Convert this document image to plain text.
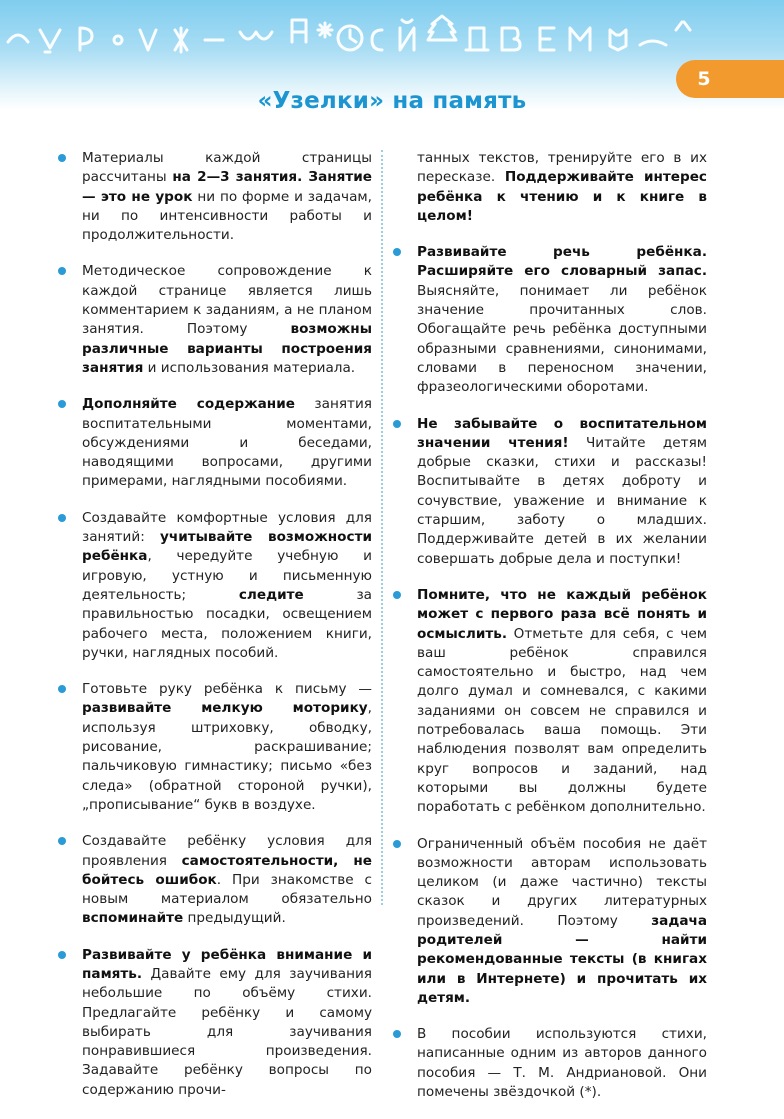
5
«Узелки» на память
Материалы каждой страницы рассчитаны на 2—3 занятия. Занятие — это не урок ни по форме и задачам, ни по интенсивности работы и продолжительности.
Методическое сопровождение к каждой странице является лишь комментарием к заданиям, а не планом занятия. Поэтому возможны различные варианты построения занятия и использования материала.
Дополняйте содержание занятия воспитательными моментами, обсуждениями и беседами, наводящими вопросами, другими примерами, наглядными пособиями.
Создавайте комфортные условия для занятий: учитывайте возможности ребёнка, чередуйте учебную и игровую, устную и письменную деятельность; следите за правильностью посадки, освещением рабочего места, положением книги, ручки, наглядных пособий.
Готовьте руку ребёнка к письму — развивайте мелкую моторику, используя штриховку, обводку, рисование, раскрашивание; пальчиковую гимнастику; письмо «без следа» (обратной стороной ручки), „прописывание“ букв в воздухе.
Создавайте ребёнку условия для проявления самостоятельности, не бойтесь ошибок. При знакомстве с новым материалом обязательно вспоминайте предыдущий.
Развивайте у ребёнка внимание и память. Давайте ему для заучивания небольшие по объёму стихи. Предлагайте ребёнку и самому выбирать для заучивания понравившиеся произведения. Задавайте ребёнку вопросы по содержанию прочи-
танных текстов, тренируйте его в их пересказе. Поддерживайте интерес ребёнка к чтению и к книге в целом!
Развивайте речь ребёнка. Расширяйте его словарный запас. Выясняйте, понимает ли ребёнок значение прочитанных слов. Обогащайте речь ребёнка доступными образными сравнениями, синонимами, словами в переносном значении, фразеологическими оборотами.
Не забывайте о воспитательном значении чтения! Читайте детям добрые сказки, стихи и рассказы! Воспитывайте в детях доброту и сочувствие, уважение и внимание к старшим, заботу о младших. Поддерживайте детей в их желании совершать добрые дела и поступки!
Помните, что не каждый ребёнок может с первого раза всё понять и осмыслить. Отметьте для себя, с чем ваш ребёнок справился самостоятельно и быстро, над чем долго думал и сомневался, с какими заданиями он совсем не справился и потребовалась ваша помощь. Эти наблюдения позволят вам определить круг вопросов и заданий, над которыми вы должны будете поработать с ребёнком дополнительно.
Ограниченный объём пособия не даёт возможности авторам использовать целиком (и даже частично) тексты сказок и других литературных произведений. Поэтому задача родителей — найти рекомендованные тексты (в книгах или в Интернете) и прочитать их детям.
В пособии используются стихи, написанные одним из авторов данного пособия — Т. М. Андриановой. Они помечены звёздочкой (*).
